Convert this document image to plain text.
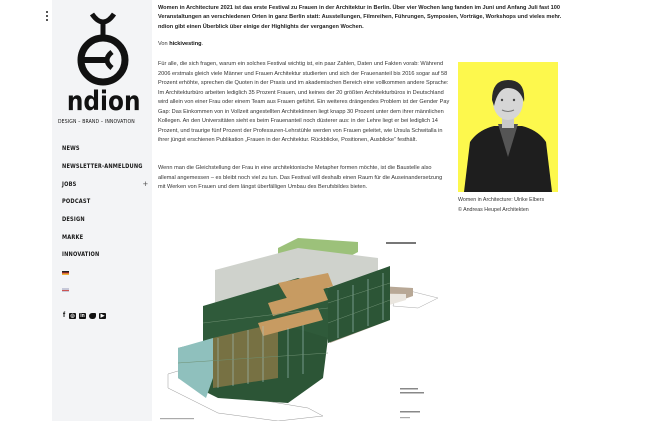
ndion
DESIGN – BRAND – INNOVATION
NEWS
NEWSLETTER-ANMELDUNG
JOBS	+
PODCAST
DESIGN
MARKE
INNOVATION
f ◎ in	▶

Women in Architecture 2021 ist das erste Festival zu Frauen in der Architektur in Berlin. Über vier Wochen lang fanden im Juni und Anfang Juli fast 100 Veranstaltungen an verschiedenen Orten in ganz Berlin statt: Ausstellungen, Filmreihen, Führungen, Symposien, Vorträge, Workshops und vieles mehr. ndion gibt einen Überblick über einige der Highlights der vergangen Wochen.

Von hickivesting.

Für alle, die sich fragen, warum ein solches Festival wichtig ist, ein paar Zahlen, Daten und Fakten vorab: Während 2006 erstmals gleich viele Männer und Frauen Architektur studierten und sich der Frauenanteil bis 2016 sogar auf 58 Prozent erhöhte, sprechen die Quoten in der Praxis und im akademischen Bereich eine vollkommen andere Sprache: Im Architekturbüro arbeiten lediglich 35 Prozent Frauen, und keines der 20 größten Architekturbüros in Deutschland wird allein von einer Frau oder einem Team aus Frauen geführt. Ein weiteres drängendes Problem ist der Gender Pay Gap: Das Einkommen von in Vollzeit angestellten Architektinnen liegt knapp 30 Prozent unter dem ihrer männlichen Kollegen. An den Universitäten sieht es beim Frauenanteil noch düsterer aus: in der Lehre liegt er bei lediglich 14 Prozent, und traurige fünf Prozent der Professuren-Lehrstühle werden von Frauen geleitet, wie Ursula Schwitalla in ihrer jüngst erschienen Publikation „Frauen in der Architektur. Rückblicke, Positionen, Ausblicke“ festhält.

Wenn man die Gleichstellung der Frau in eine architektonische Metapher formen möchte, ist die Baustelle also allemal angemessen – es bleibt noch viel zu tun. Das Festival will deshalb einen Raum für die Auseinandersetzung mit Werken von Frauen und dem längst überfälligen Umbau des Berufsbildes bieten.

Women in Architecture: Ulrike Elbers
© Andreas Heupel Architekten
